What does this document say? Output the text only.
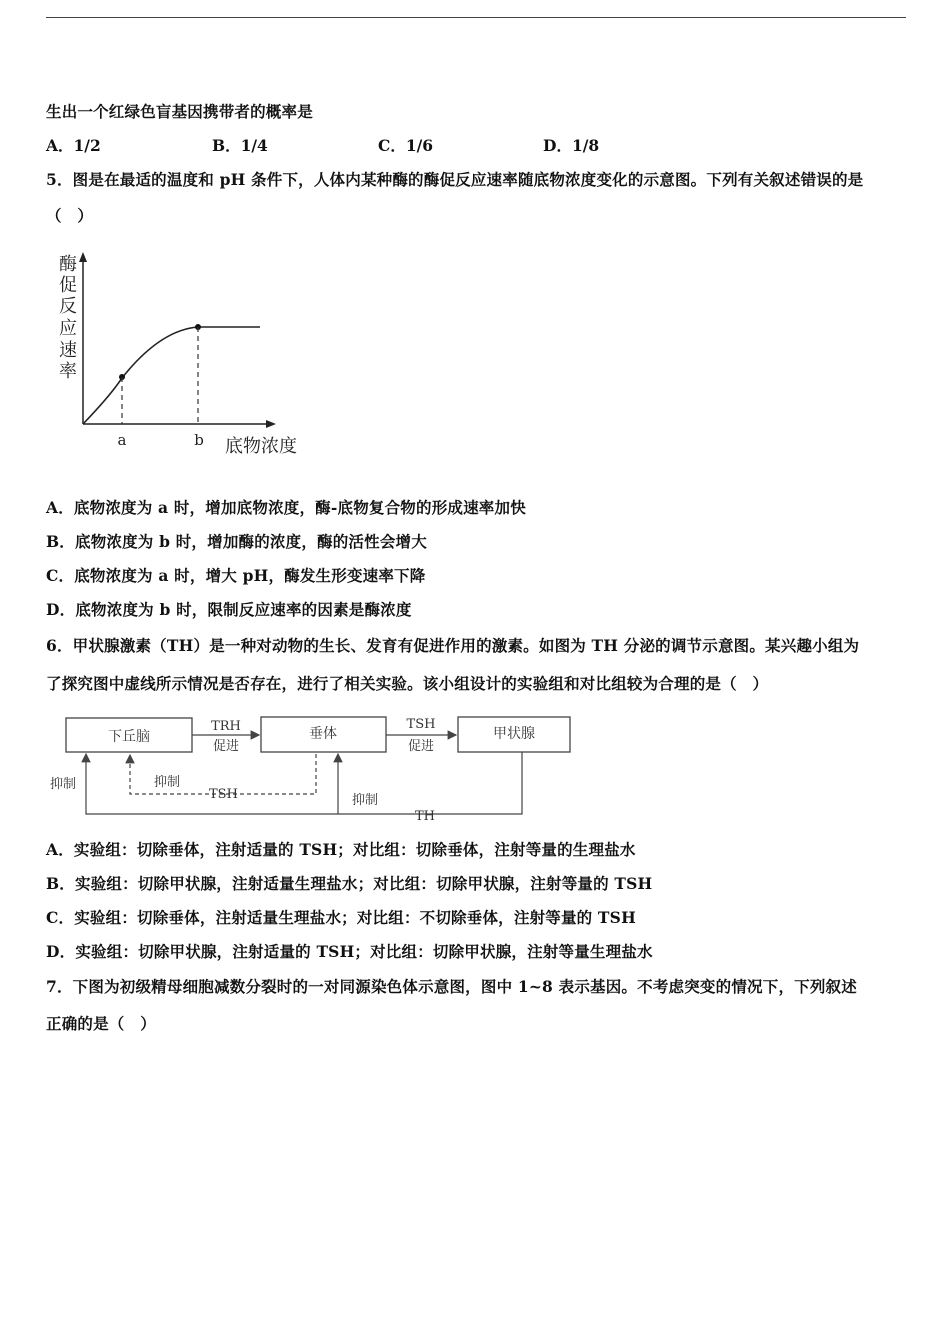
生出一个红绿色盲基因携带者的概率是
A．1/2	B．1/4	C．1/6	D．1/8
5．图是在最适的温度和 pH 条件下，人体内某种酶的酶促反应速率随底物浓度变化的示意图。下列有关叙述错误的是
（　）
酶
促
反
应
速
率
a	b 底物浓度
A．底物浓度为 a 时，增加底物浓度，酶-底物复合物的形成速率加快
B．底物浓度为 b 时，增加酶的浓度，酶的活性会增大
C．底物浓度为 a 时，增大 pH，酶发生形变速率下降
D．底物浓度为 b 时，限制反应速率的因素是酶浓度
6．甲状腺激素（TH）是一种对动物的生长、发育有促进作用的激素。如图为 TH 分泌的调节示意图。某兴趣小组为
了探究图中虚线所示情况是否存在，进行了相关实验。该小组设计的实验组和对比组较为合理的是（　）
下丘脑	垂体	甲状腺
TRH
促进
TSH
促进
抑制	抑制
TSH	抑制
TH
A．实验组：切除垂体，注射适量的 TSH；对比组：切除垂体，注射等量的生理盐水
B．实验组：切除甲状腺，注射适量生理盐水；对比组：切除甲状腺，注射等量的 TSH
C．实验组：切除垂体，注射适量生理盐水；对比组：不切除垂体，注射等量的 TSH
D．实验组：切除甲状腺，注射适量的 TSH；对比组：切除甲状腺，注射等量生理盐水
7．下图为初级精母细胞减数分裂时的一对同源染色体示意图，图中 1~8 表示基因。不考虑突变的情况下，下列叙述
正确的是（　）
